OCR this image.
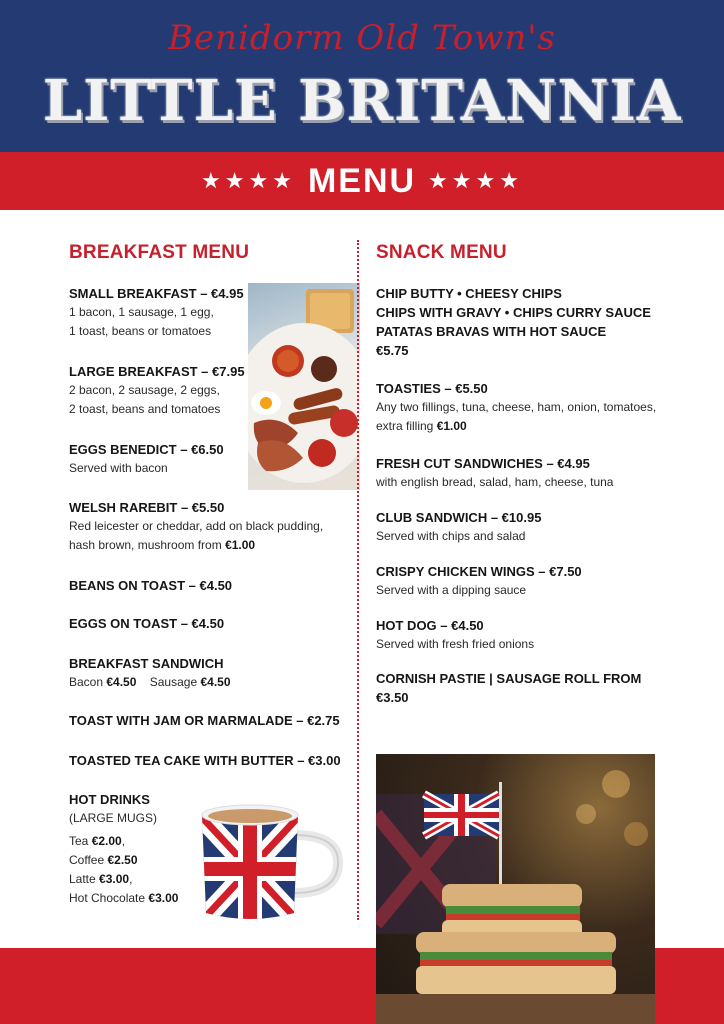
Benidorm Old Town's
LITTLE BRITANNIA
★★★★ MENU ★★★★
BREAKFAST MENU
SMALL BREAKFAST – €4.95
1 bacon, 1 sausage, 1 egg,
1 toast, beans or tomatoes
LARGE BREAKFAST – €7.95
2 bacon, 2 sausage, 2 eggs,
2 toast, beans and tomatoes
EGGS BENEDICT – €6.50
Served with bacon
WELSH RAREBIT – €5.50
Red leicester or cheddar, add on black pudding,
hash brown, mushroom from €1.00
BEANS ON TOAST – €4.50
EGGS ON TOAST – €4.50
BREAKFAST SANDWICH
Bacon €4.50 Sausage €4.50
TOAST WITH JAM OR MARMALADE – €2.75
TOASTED TEA CAKE WITH BUTTER – €3.00
HOT DRINKS
(LARGE MUGS)
Tea €2.00,
Coffee €2.50
Latte €3.00,
Hot Chocolate €3.00
SNACK MENU
CHIP BUTTY • CHEESY CHIPS
CHIPS WITH GRAVY • CHIPS CURRY SAUCE
PATATAS BRAVAS WITH HOT SAUCE
€5.75
TOASTIES – €5.50
Any two fillings, tuna, cheese, ham, onion, tomatoes,
extra filling €1.00
FRESH CUT SANDWICHES – €4.95
with english bread, salad, ham, cheese, tuna
CLUB SANDWICH – €10.95
Served with chips and salad
CRISPY CHICKEN WINGS – €7.50
Served with a dipping sauce
HOT DOG – €4.50
Served with fresh fried onions
CORNISH PASTIE | SAUSAGE ROLL FROM
€3.50
